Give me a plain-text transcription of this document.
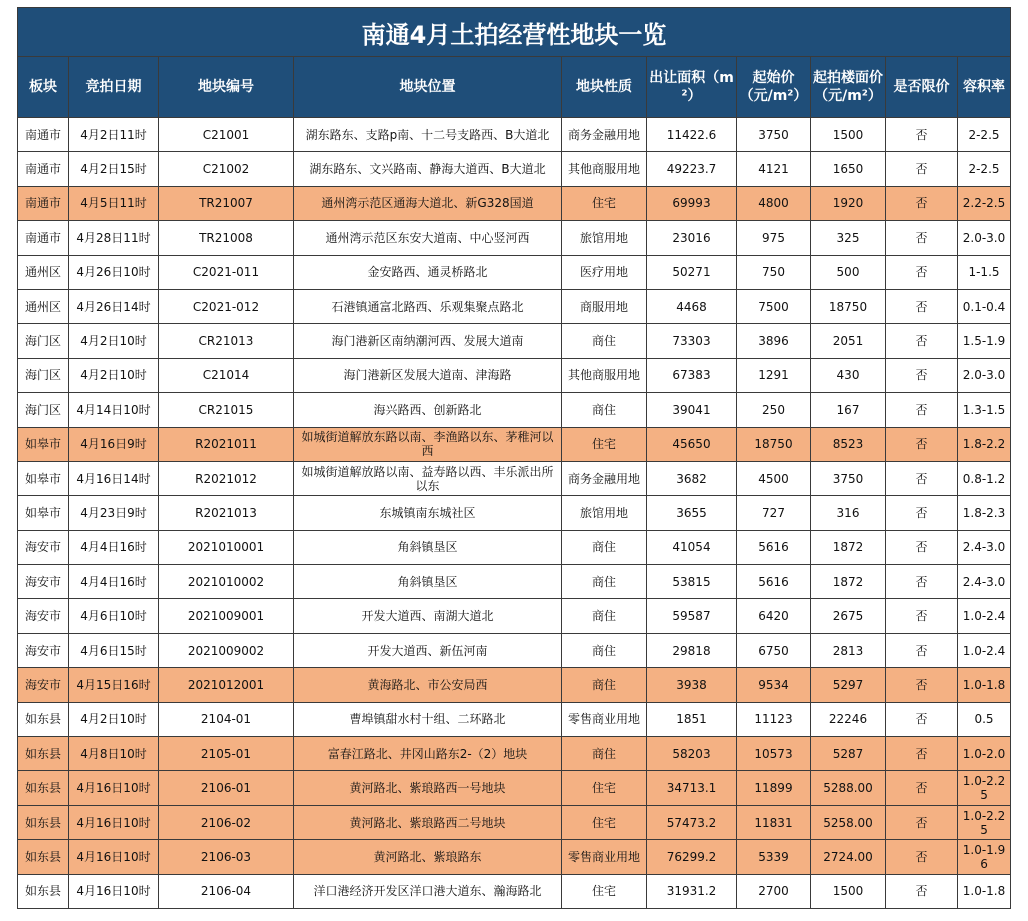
南通4月土拍经营性地块一览									
板块	竞拍日期	地块编号	地块位置	地块性质	出让面积（m²）	起始价（元/m²）	起拍楼面价（元/m²）	是否限价	容积率
南通市	4月2日11时	C21001	湖东路东、支路p南、十二号支路西、B大道北	商务金融用地	11422.6	3750	1500	否	2-2.5
南通市	4月2日15时	C21002	湖东路东、文兴路南、静海大道西、B大道北	其他商服用地	49223.7	4121	1650	否	2-2.5
南通市	4月5日11时	TR21007	通州湾示范区通海大道北、新G328国道	住宅	69993	4800	1920	否	2.2-2.5
南通市	4月28日11时	TR21008	通州湾示范区东安大道南、中心竖河西	旅馆用地	23016	975	325	否	2.0-3.0
通州区	4月26日10时	C2021-011	金安路西、通灵桥路北	医疗用地	50271	750	500	否	1-1.5
通州区	4月26日14时	C2021-012	石港镇通富北路西、乐观集聚点路北	商服用地	4468	7500	18750	否	0.1-0.4
海门区	4月2日10时	CR21013	海门港新区南纳潮河西、发展大道南	商住	73303	3896	2051	否	1.5-1.9
海门区	4月2日10时	C21014	海门港新区发展大道南、津海路	其他商服用地	67383	1291	430	否	2.0-3.0
海门区	4月14日10时	CR21015	海兴路西、创新路北	商住	39041	250	167	否	1.3-1.5
如皋市	4月16日9时	R2021011	如城街道解放东路以南、李渔路以东、茅稚河以西	住宅	45650	18750	8523	否	1.8-2.2
如皋市	4月16日14时	R2021012	如城街道解放路以南、益寿路以西、丰乐派出所以东	商务金融用地	3682	4500	3750	否	0.8-1.2
如皋市	4月23日9时	R2021013	东城镇南东城社区	旅馆用地	3655	727	316	否	1.8-2.3
海安市	4月4日16时	2021010001	角斜镇垦区	商住	41054	5616	1872	否	2.4-3.0
海安市	4月4日16时	2021010002	角斜镇垦区	商住	53815	5616	1872	否	2.4-3.0
海安市	4月6日10时	2021009001	开发大道西、南湖大道北	商住	59587	6420	2675	否	1.0-2.4
海安市	4月6日15时	2021009002	开发大道西、新伍河南	商住	29818	6750	2813	否	1.0-2.4
海安市	4月15日16时	2021012001	黄海路北、市公安局西	商住	3938	9534	5297	否	1.0-1.8
如东县	4月2日10时	2104-01	曹埠镇甜水村十组、二环路北	零售商业用地	1851	11123	22246	否	0.5
如东县	4月8日10时	2105-01	富春江路北、井冈山路东2-（2）地块	商住	58203	10573	5287	否	1.0-2.0
如东县	4月16日10时	2106-01	黄河路北、紫琅路西一号地块	住宅	34713.1	11899	5288.00	否	1.0-2.25
如东县	4月16日10时	2106-02	黄河路北、紫琅路西二号地块	住宅	57473.2	11831	5258.00	否	1.0-2.25
如东县	4月16日10时	2106-03	黄河路北、紫琅路东	零售商业用地	76299.2	5339	2724.00	否	1.0-1.96
如东县	4月16日10时	2106-04	洋口港经济开发区洋口港大道东、瀚海路北	住宅	31931.2	2700	1500	否	1.0-1.8
